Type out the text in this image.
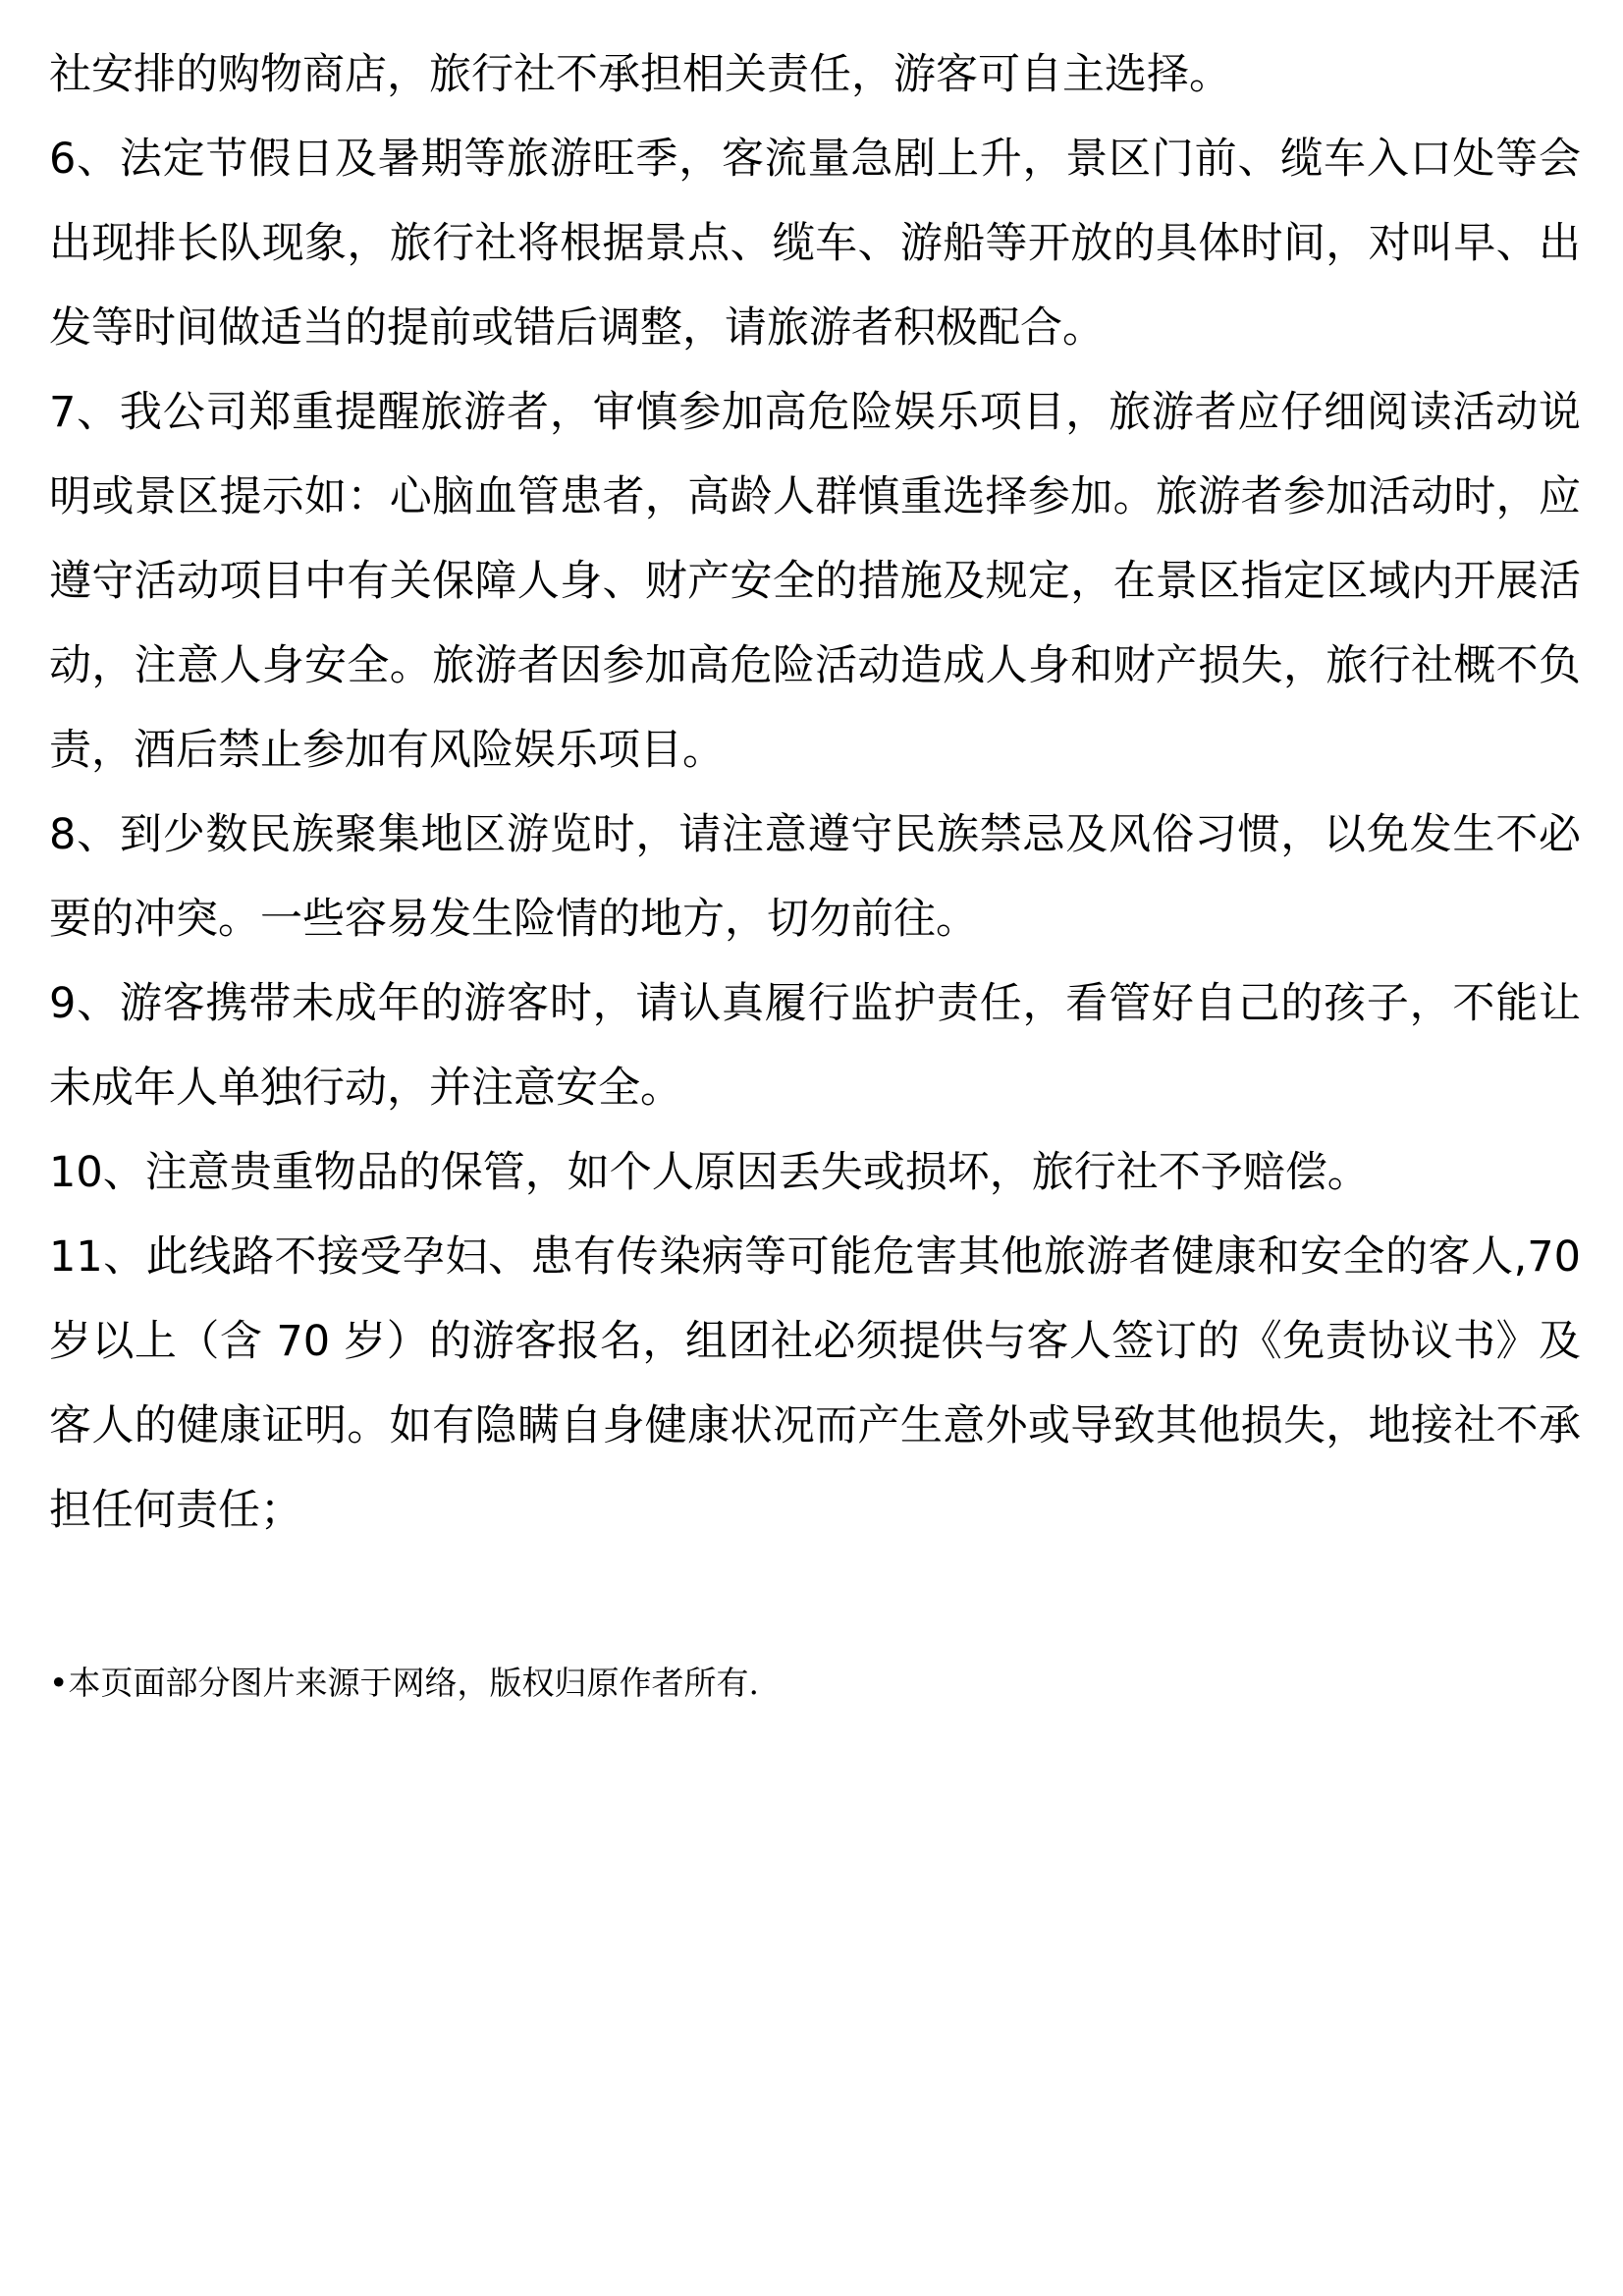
社安排的购物商店，旅行社不承担相关责任，游客可自主选择。

6、法定节假日及暑期等旅游旺季，客流量急剧上升，景区门前、缆车入口处等会出现排长队现象，旅行社将根据景点、缆车、游船等开放的具体时间，对叫早、出发等时间做适当的提前或错后调整，请旅游者积极配合。

7、我公司郑重提醒旅游者，审慎参加高危险娱乐项目，旅游者应仔细阅读活动说明或景区提示如：心脑血管患者，高龄人群慎重选择参加。旅游者参加活动时，应遵守活动项目中有关保障人身、财产安全的措施及规定，在景区指定区域内开展活动，注意人身安全。旅游者因参加高危险活动造成人身和财产损失，旅行社概不负责，酒后禁止参加有风险娱乐项目。

8、到少数民族聚集地区游览时，请注意遵守民族禁忌及风俗习惯，以免发生不必要的冲突。一些容易发生险情的地方，切勿前往。

9、游客携带未成年的游客时，请认真履行监护责任，看管好自己的孩子，不能让未成年人单独行动，并注意安全。

10、注意贵重物品的保管，如个人原因丢失或损坏，旅行社不予赔偿。

11、此线路不接受孕妇、患有传染病等可能危害其他旅游者健康和安全的客人,70岁以上（含 70 岁）的游客报名，组团社必须提供与客人签订的《免责协议书》及客人的健康证明。如有隐瞒自身健康状况而产生意外或导致其他损失，地接社不承担任何责任；

•本页面部分图片来源于网络，版权归原作者所有.
